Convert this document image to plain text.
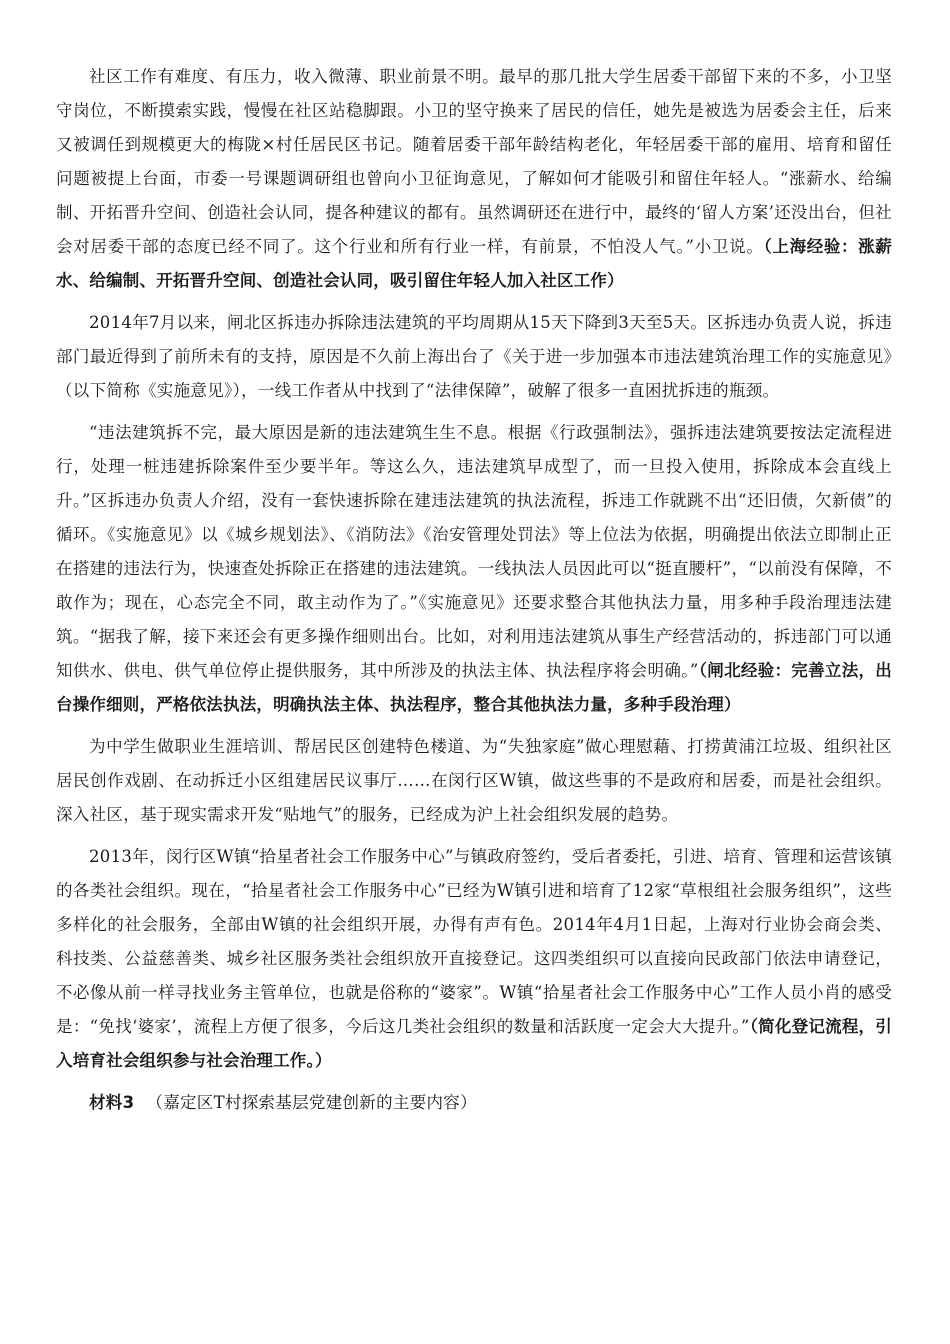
社区工作有难度、有压力，收入微薄、职业前景不明。最早的那几批大学生居委干部留下来的不多，小卫坚守岗位，不断摸索实践，慢慢在社区站稳脚跟。小卫的坚守换来了居民的信任，她先是被选为居委会主任，后来又被调任到规模更大的梅陇×村任居民区书记。随着居委干部年龄结构老化，年轻居委干部的雇用、培育和留任问题被提上台面，市委一号课题调研组也曾向小卫征询意见，了解如何才能吸引和留住年轻人。“涨薪水、给编制、开拓晋升空间、创造社会认同，提各种建议的都有。虽然调研还在进行中，最终的‘留人方案’还没出台，但社会对居委干部的态度已经不同了。这个行业和所有行业一样，有前景，不怕没人气。”小卫说。（上海经验：涨薪水、给编制、开拓晋升空间、创造社会认同，吸引留住年轻人加入社区工作）

2014年7月以来，闸北区拆违办拆除违法建筑的平均周期从15天下降到3天至5天。区拆违办负责人说，拆违部门最近得到了前所未有的支持，原因是不久前上海出台了《关于进一步加强本市违法建筑治理工作的实施意见》（以下简称《实施意见》），一线工作者从中找到了“法律保障”，破解了很多一直困扰拆违的瓶颈。

“违法建筑拆不完，最大原因是新的违法建筑生生不息。根据《行政强制法》，强拆违法建筑要按法定流程进行，处理一桩违建拆除案件至少要半年。等这么久，违法建筑早成型了，而一旦投入使用，拆除成本会直线上升。”区拆违办负责人介绍，没有一套快速拆除在建违法建筑的执法流程，拆违工作就跳不出“还旧债，欠新债”的循环。《实施意见》以《城乡规划法》、《消防法》《治安管理处罚法》等上位法为依据，明确提出依法立即制止正在搭建的违法行为，快速查处拆除正在搭建的违法建筑。一线执法人员因此可以“挺直腰杆”，“以前没有保障，不敢作为；现在，心态完全不同，敢主动作为了。”《实施意见》还要求整合其他执法力量，用多种手段治理违法建筑。“据我了解，接下来还会有更多操作细则出台。比如，对利用违法建筑从事生产经营活动的，拆违部门可以通知供水、供电、供气单位停止提供服务，其中所涉及的执法主体、执法程序将会明确。”（闸北经验：完善立法，出台操作细则，严格依法执法，明确执法主体、执法程序，整合其他执法力量，多种手段治理）

为中学生做职业生涯培训、帮居民区创建特色楼道、为“失独家庭”做心理慰藉、打捞黄浦江垃圾、组织社区居民创作戏剧、在动拆迁小区组建居民议事厅……在闵行区W镇，做这些事的不是政府和居委，而是社会组织。深入社区，基于现实需求开发“贴地气”的服务，已经成为沪上社会组织发展的趋势。

2013年，闵行区W镇“拾星者社会工作服务中心”与镇政府签约，受后者委托，引进、培育、管理和运营该镇的各类社会组织。现在，“拾星者社会工作服务中心”已经为W镇引进和培育了12家“草根组社会服务组织”，这些多样化的社会服务，全部由W镇的社会组织开展，办得有声有色。2014年4月1日起，上海对行业协会商会类、科技类、公益慈善类、城乡社区服务类社会组织放开直接登记。这四类组织可以直接向民政部门依法申请登记，不必像从前一样寻找业务主管单位，也就是俗称的“婆家”。W镇“拾星者社会工作服务中心”工作人员小肖的感受是：“免找‘婆家’，流程上方便了很多，今后这几类社会组织的数量和活跃度一定会大大提升。”（简化登记流程，引入培育社会组织参与社会治理工作。）

材料3 （嘉定区T村探索基层党建创新的主要内容）
